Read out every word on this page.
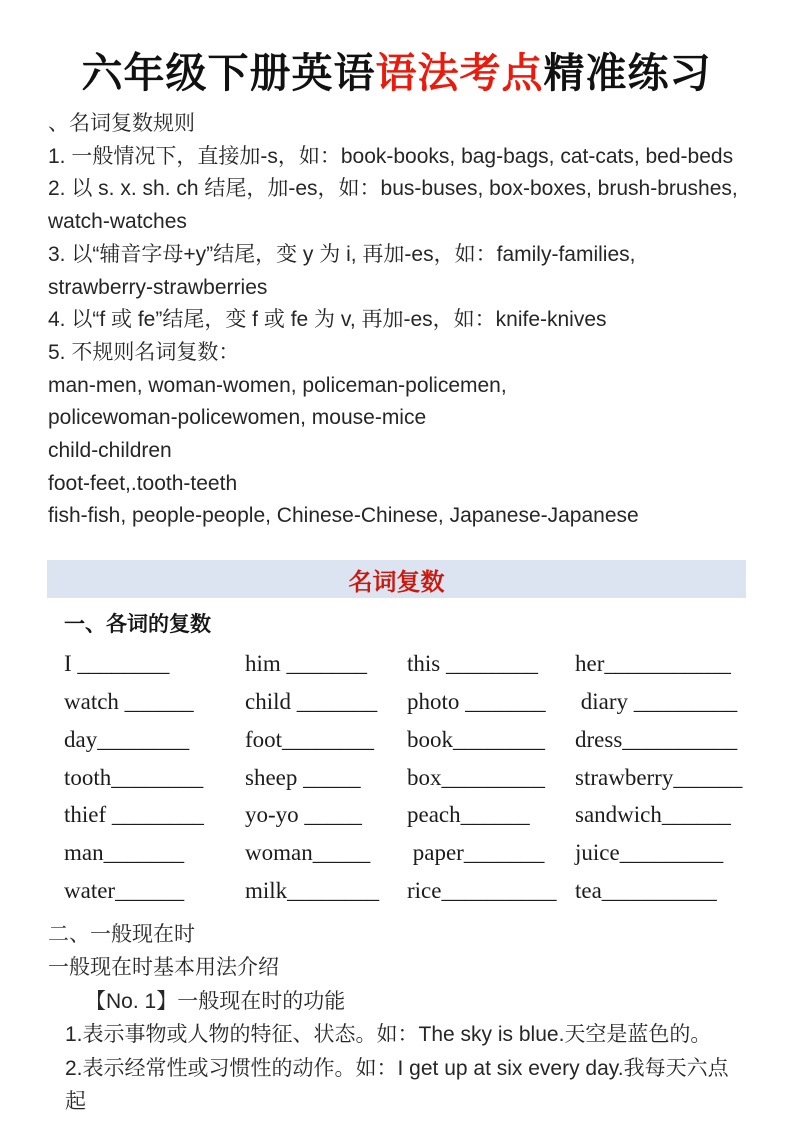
六年级下册英语语法考点精准练习
、名词复数规则
1. 一般情况下，直接加-s，如：book-books, bag-bags, cat-cats, bed-beds
2. 以 s. x. sh. ch 结尾，加-es，如：bus-buses, box-boxes, brush-brushes,
watch-watches
3. 以“辅音字母+y”结尾，变 y 为 i, 再加-es，如：family-families,
strawberry-strawberries
4. 以“f 或 fe”结尾，变 f 或 fe 为 v, 再加-es，如：knife-knives
5. 不规则名词复数：
man-men, woman-women, policeman-policemen,
policewoman-policewomen, mouse-mice
child-children
foot-feet,.tooth-teeth
fish-fish, people-people, Chinese-Chinese, Japanese-Japanese
名词复数
一、各词的复数
I ________	him _______	this ________	her___________
watch ______	child _______	photo _______	diary _________
day________	foot________	book________	dress__________
tooth________	sheep _____	box_________	strawberry______
thief ________	yo-yo _____	peach______	sandwich______
man_______	woman_____	paper_______	juice_________
water______	milk________	rice__________ tea__________
二、一般现在时
一般现在时基本用法介绍
【No. 1】一般现在时的功能
1.表示事物或人物的特征、状态。如：The sky is blue.天空是蓝色的。
2.表示经常性或习惯性的动作。如：I get up at six every day.我每天六点起
